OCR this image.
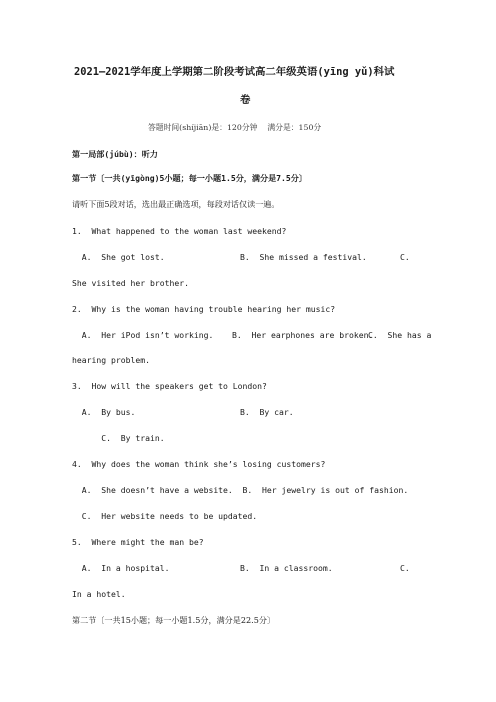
2021—2021学年度上学期第二阶段考试高二年级英语(yīng yǔ)科试
卷
答题时间(shíjiān)是：120分钟    满分是：150分
第一局部(júbù)：听力
第一节〔一共(yīgòng)5小题；每一小题1.5分，满分是7.5分〕
请听下面5段对话，选出最正确选项，每段对话仅读一遍。
1.  What happened to the woman last weekend?
A.  She got lost.	B.  She missed a festival.	C.
She visited her brother.
2.  Why is the woman having trouble hearing her music?
A.  Her iPod isn’t working. B.  Her earphones are broken.
C.  She has a
hearing problem.
3.  How will the speakers get to London?
A.  By bus.	B.  By car.
C.  By train.
4.  Why does the woman think she’s losing customers?
A.  She doesn’t have a website.  B.  Her jewelry is out of fashion.
C.  Her website needs to be updated.
5.  Where might the man be?
A.  In a hospital.	B.  In a classroom.	C.
In a hotel.
第二节〔一共15小题；每一小题1.5分，满分是22.5分〕
